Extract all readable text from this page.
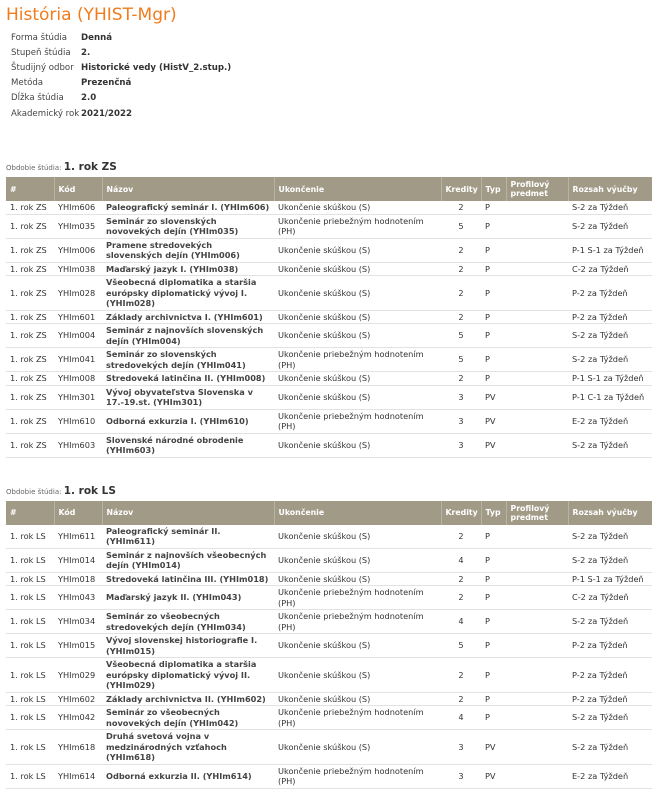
História (YHIST-Mgr)
Forma štúdia	Denná
Stupeň štúdia	2.
Študijný odbor	Historické vedy (HistV_2.stup.)
Metóda	Prezenčná
Dĺžka štúdia	2.0
Akademický rok	2021/2022
Obdobie štúdia: 1. rok ZS
#	Kód	Názov	Ukončenie	Kredity	Typ	Profilový predmet	Rozsah výučby
1. rok ZS	YHIm606	Paleografický seminár I. (YHIm606)	Ukončenie skúškou (S)	2	P		S-2 za Týždeň
1. rok ZS	YHIm035	Seminár zo slovenských novovekých dejín (YHIm035)	Ukončenie priebežným hodnotením (PH)	5	P		S-2 za Týždeň
1. rok ZS	YHIm006	Pramene stredovekých slovenských dejín (YHIm006)	Ukončenie skúškou (S)	2	P		P-1 S-1 za Týždeň
1. rok ZS	YHIm038	Maďarský jazyk I. (YHIm038)	Ukončenie skúškou (S)	2	P		C-2 za Týždeň
1. rok ZS	YHIm028	Všeobecná diplomatika a staršia európsky diplomatický vývoj I. (YHIm028)	Ukončenie skúškou (S)	2	P		P-2 za Týždeň
1. rok ZS	YHIm601	Základy archivnictva I. (YHIm601)	Ukončenie skúškou (S)	2	P		P-2 za Týždeň
1. rok ZS	YHIm004	Seminár z najnovších slovenských dejín (YHIm004)	Ukončenie skúškou (S)	5	P		S-2 za Týždeň
1. rok ZS	YHIm041	Seminár zo slovenských stredovekých dejín (YHIm041)	Ukončenie priebežným hodnotením (PH)	5	P		S-2 za Týždeň
1. rok ZS	YHIm008	Stredoveká latinčina II. (YHIm008)	Ukončenie skúškou (S)	2	P		P-1 S-1 za Týždeň
1. rok ZS	YHIm301	Vývoj obyvateľstva Slovenska v 17.-19.st. (YHIm301)	Ukončenie skúškou (S)	3	PV		P-1 C-1 za Týždeň
1. rok ZS	YHIm610	Odborná exkurzia I. (YHIm610)	Ukončenie priebežným hodnotením (PH)	3	PV		E-2 za Týždeň
1. rok ZS	YHIm603	Slovenské národné obrodenie (YHIm603)	Ukončenie skúškou (S)	3	PV		S-2 za Týždeň
Obdobie štúdia: 1. rok LS
#	Kód	Názov	Ukončenie	Kredity	Typ	Profilový predmet	Rozsah výučby
1. rok LS	YHIm611	Paleografický seminár II. (YHIm611)	Ukončenie skúškou (S)	2	P		S-2 za Týždeň
1. rok LS	YHIm014	Seminár z najnovších všeobecných dejín (YHIm014)	Ukončenie skúškou (S)	4	P		S-2 za Týždeň
1. rok LS	YHIm018	Stredoveká latinčina III. (YHIm018)	Ukončenie skúškou (S)	2	P		P-1 S-1 za Týždeň
1. rok LS	YHIm043	Maďarský jazyk II. (YHIm043)	Ukončenie priebežným hodnotením (PH)	2	P		C-2 za Týždeň
1. rok LS	YHIm034	Seminár zo všeobecných stredovekých dejín (YHIm034)	Ukončenie priebežným hodnotením (PH)	4	P		S-2 za Týždeň
1. rok LS	YHIm015	Vývoj slovenskej historiografie I. (YHIm015)	Ukončenie skúškou (S)	5	P		P-2 za Týždeň
1. rok LS	YHIm029	Všeobecná diplomatika a staršia európsky diplomatický vývoj II. (YHIm029)	Ukončenie skúškou (S)	2	P		P-2 za Týždeň
1. rok LS	YHIm602	Základy archivnictva II. (YHIm602)	Ukončenie skúškou (S)	2	P		P-2 za Týždeň
1. rok LS	YHIm042	Seminár zo všeobecných novovekých dejín (YHIm042)	Ukončenie priebežným hodnotením (PH)	4	P		S-2 za Týždeň
1. rok LS	YHIm618	Druhá svetová vojna v medzinárodných vzťahoch (YHIm618)	Ukončenie skúškou (S)	3	PV		S-2 za Týždeň
1. rok LS	YHIm614	Odborná exkurzia II. (YHIm614)	Ukončenie priebežným hodnotením (PH)	3	PV		E-2 za Týždeň
